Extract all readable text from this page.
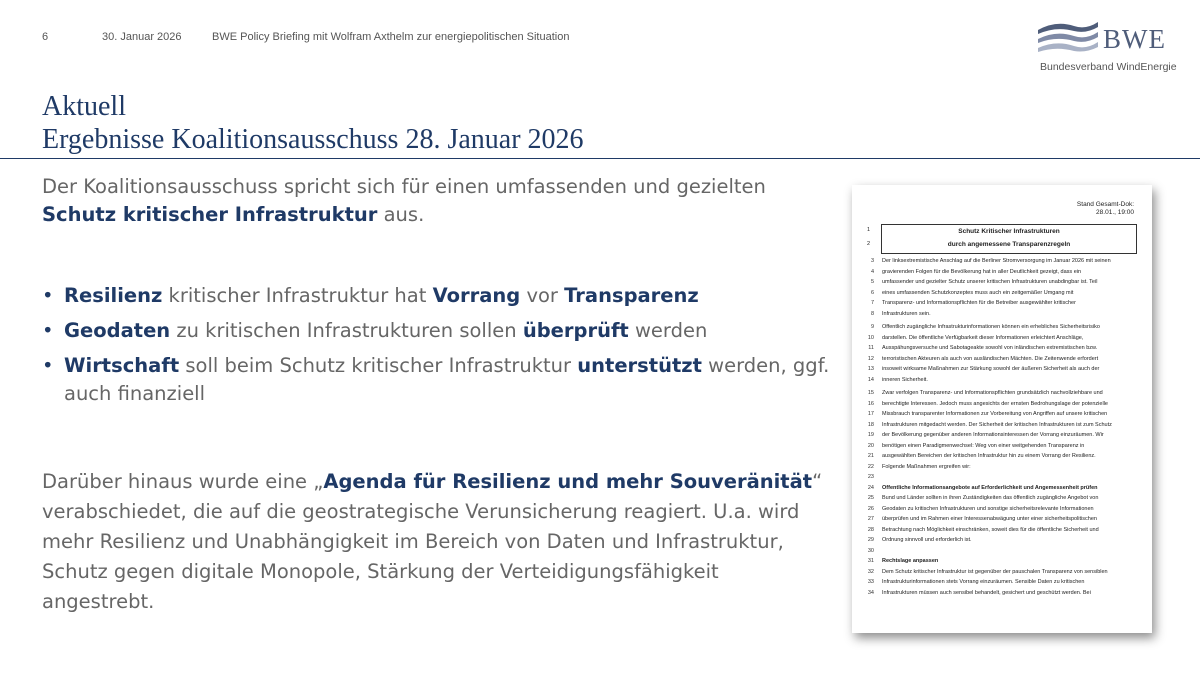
6	30. Januar 2026	BWE Policy Briefing mit Wolfram Axthelm zur energiepolitischen Situation	BWE
Bundesverband WindEnergie
Aktuell
Ergebnisse Koalitionsausschuss 28. Januar 2026
Der Koalitionsausschuss spricht sich für einen umfassenden und gezielten Schutz kritischer Infrastruktur aus.
• Resilienz kritischer Infrastruktur hat Vorrang vor Transparenz
• Geodaten zu kritischen Infrastrukturen sollen überprüft werden
• Wirtschaft soll beim Schutz kritischer Infrastruktur unterstützt werden, ggf. auch finanziell
Darüber hinaus wurde eine „Agenda für Resilienz und mehr Souveränität“ verabschiedet, die auf die geostrategische Verunsicherung reagiert. U.a. wird mehr Resilienz und Unabhängigkeit im Bereich von Daten und Infrastruktur, Schutz gegen digitale Monopole, Stärkung der Verteidigungsfähigkeit angestrebt.
Stand Gesamt-Dok:
28.01., 19:00
1
2
Schutz Kritischer Infrastrukturen
durch angemessene Transparenzregeln
3 Der linksextremistische Anschlag auf die Berliner Stromversorgung im Januar 2026 mit seinen
4 gravierenden Folgen für die Bevölkerung hat in aller Deutlichkeit gezeigt, dass ein
5 umfassender und gezielter Schutz unserer kritischen Infrastrukturen unabdingbar ist. Teil
6 eines umfassenden Schutzkonzeptes muss auch ein zeitgemäßer Umgang mit
7 Transparenz- und Informationspflichten für die Betreiber ausgewählter kritischer
8 Infrastrukturen sein.
9 Öffentlich zugängliche Infrastrukturinformationen können ein erhebliches Sicherheitsrisiko
10 darstellen. Die öffentliche Verfügbarkeit dieser Informationen erleichtert Anschläge,
11 Ausspähungsversuche und Sabotageakte sowohl von inländischen extremistischen bzw.
12 terroristischen Akteuren als auch von ausländischen Mächten. Die Zeitenwende erfordert
13 insoweit wirksame Maßnahmen zur Stärkung sowohl der äußeren Sicherheit als auch der
14 inneren Sicherheit.
15 Zwar verfolgen Transparenz- und Informationspflichten grundsätzlich nachvollziehbare und
16 berechtigte Interessen. Jedoch muss angesichts der ernsten Bedrohungslage der potenzielle
17 Missbrauch transparenter Informationen zur Vorbereitung von Angriffen auf unsere kritischen
18 Infrastrukturen mitgedacht werden. Der Sicherheit der kritischen Infrastrukturen ist zum Schutz
19 der Bevölkerung gegenüber anderen Informationsinteressen der Vorrang einzuräumen. Wir
20 benötigen einen Paradigmenwechsel: Weg von einer weitgehenden Transparenz in
21 ausgewählten Bereichen der kritischen Infrastruktur hin zu einem Vorrang der Resilienz.
22 Folgende Maßnahmen ergreifen wir:
23
24 Öffentliche Informationsangebote auf Erforderlichkeit und Angemessenheit prüfen
25 Bund und Länder sollten in ihren Zuständigkeiten das öffentlich zugängliche Angebot von
26 Geodaten zu kritischen Infrastrukturen und sonstige sicherheitsrelevante Informationen
27 überprüfen und im Rahmen einer Interessenabwägung unter einer sicherheitspolitischen
28 Betrachtung nach Möglichkeit einschränken, soweit dies für die öffentliche Sicherheit und
29 Ordnung sinnvoll und erforderlich ist.
30
31 Rechtslage anpassen
32 Dem Schutz kritischer Infrastruktur ist gegenüber der pauschalen Transparenz von sensiblen
33 Infrastrukturinformationen stets Vorrang einzuräumen. Sensible Daten zu kritischen
34 Infrastrukturen müssen auch sensibel behandelt, gesichert und geschützt werden. Bei
